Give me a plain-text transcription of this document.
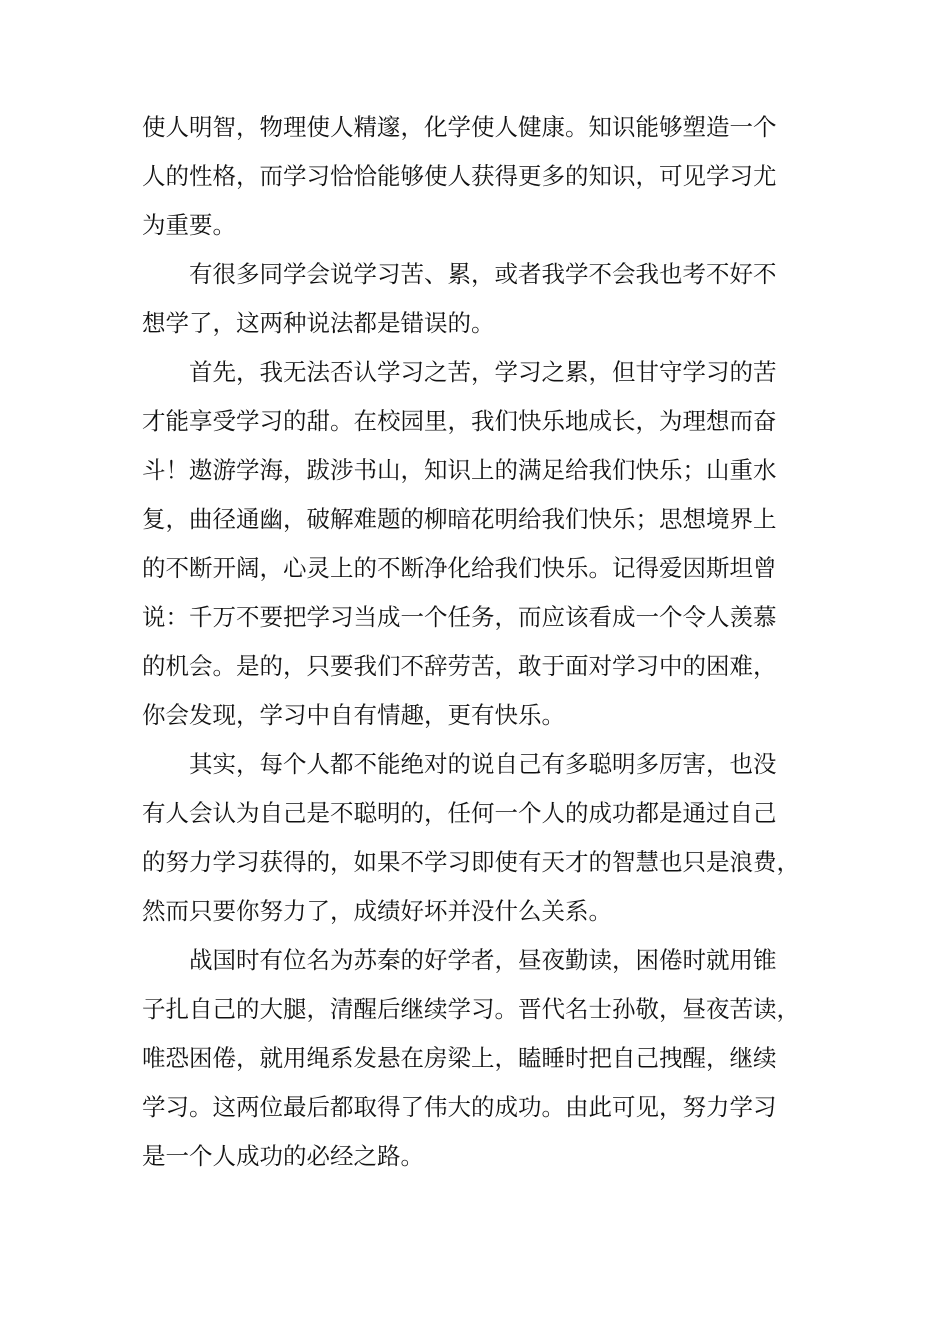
使人明智，物理使人精邃，化学使人健康。知识能够塑造一个
人的性格，而学习恰恰能够使人获得更多的知识，可见学习尤
为重要。
有很多同学会说学习苦、累，或者我学不会我也考不好不
想学了，这两种说法都是错误的。
首先，我无法否认学习之苦，学习之累，但甘守学习的苦
才能享受学习的甜。在校园里，我们快乐地成长，为理想而奋
斗！遨游学海，跋涉书山，知识上的满足给我们快乐；山重水
复，曲径通幽，破解难题的柳暗花明给我们快乐；思想境界上
的不断开阔，心灵上的不断净化给我们快乐。记得爱因斯坦曾
说：千万不要把学习当成一个任务，而应该看成一个令人羡慕
的机会。是的，只要我们不辞劳苦，敢于面对学习中的困难，
你会发现，学习中自有情趣，更有快乐。
其实，每个人都不能绝对的说自己有多聪明多厉害，也没
有人会认为自己是不聪明的，任何一个人的成功都是通过自己
的努力学习获得的，如果不学习即使有天才的智慧也只是浪费，
然而只要你努力了，成绩好坏并没什么关系。
战国时有位名为苏秦的好学者，昼夜勤读，困倦时就用锥
子扎自己的大腿，清醒后继续学习。晋代名士孙敬，昼夜苦读，
唯恐困倦，就用绳系发悬在房梁上，瞌睡时把自己拽醒，继续
学习。这两位最后都取得了伟大的成功。由此可见，努力学习
是一个人成功的必经之路。
